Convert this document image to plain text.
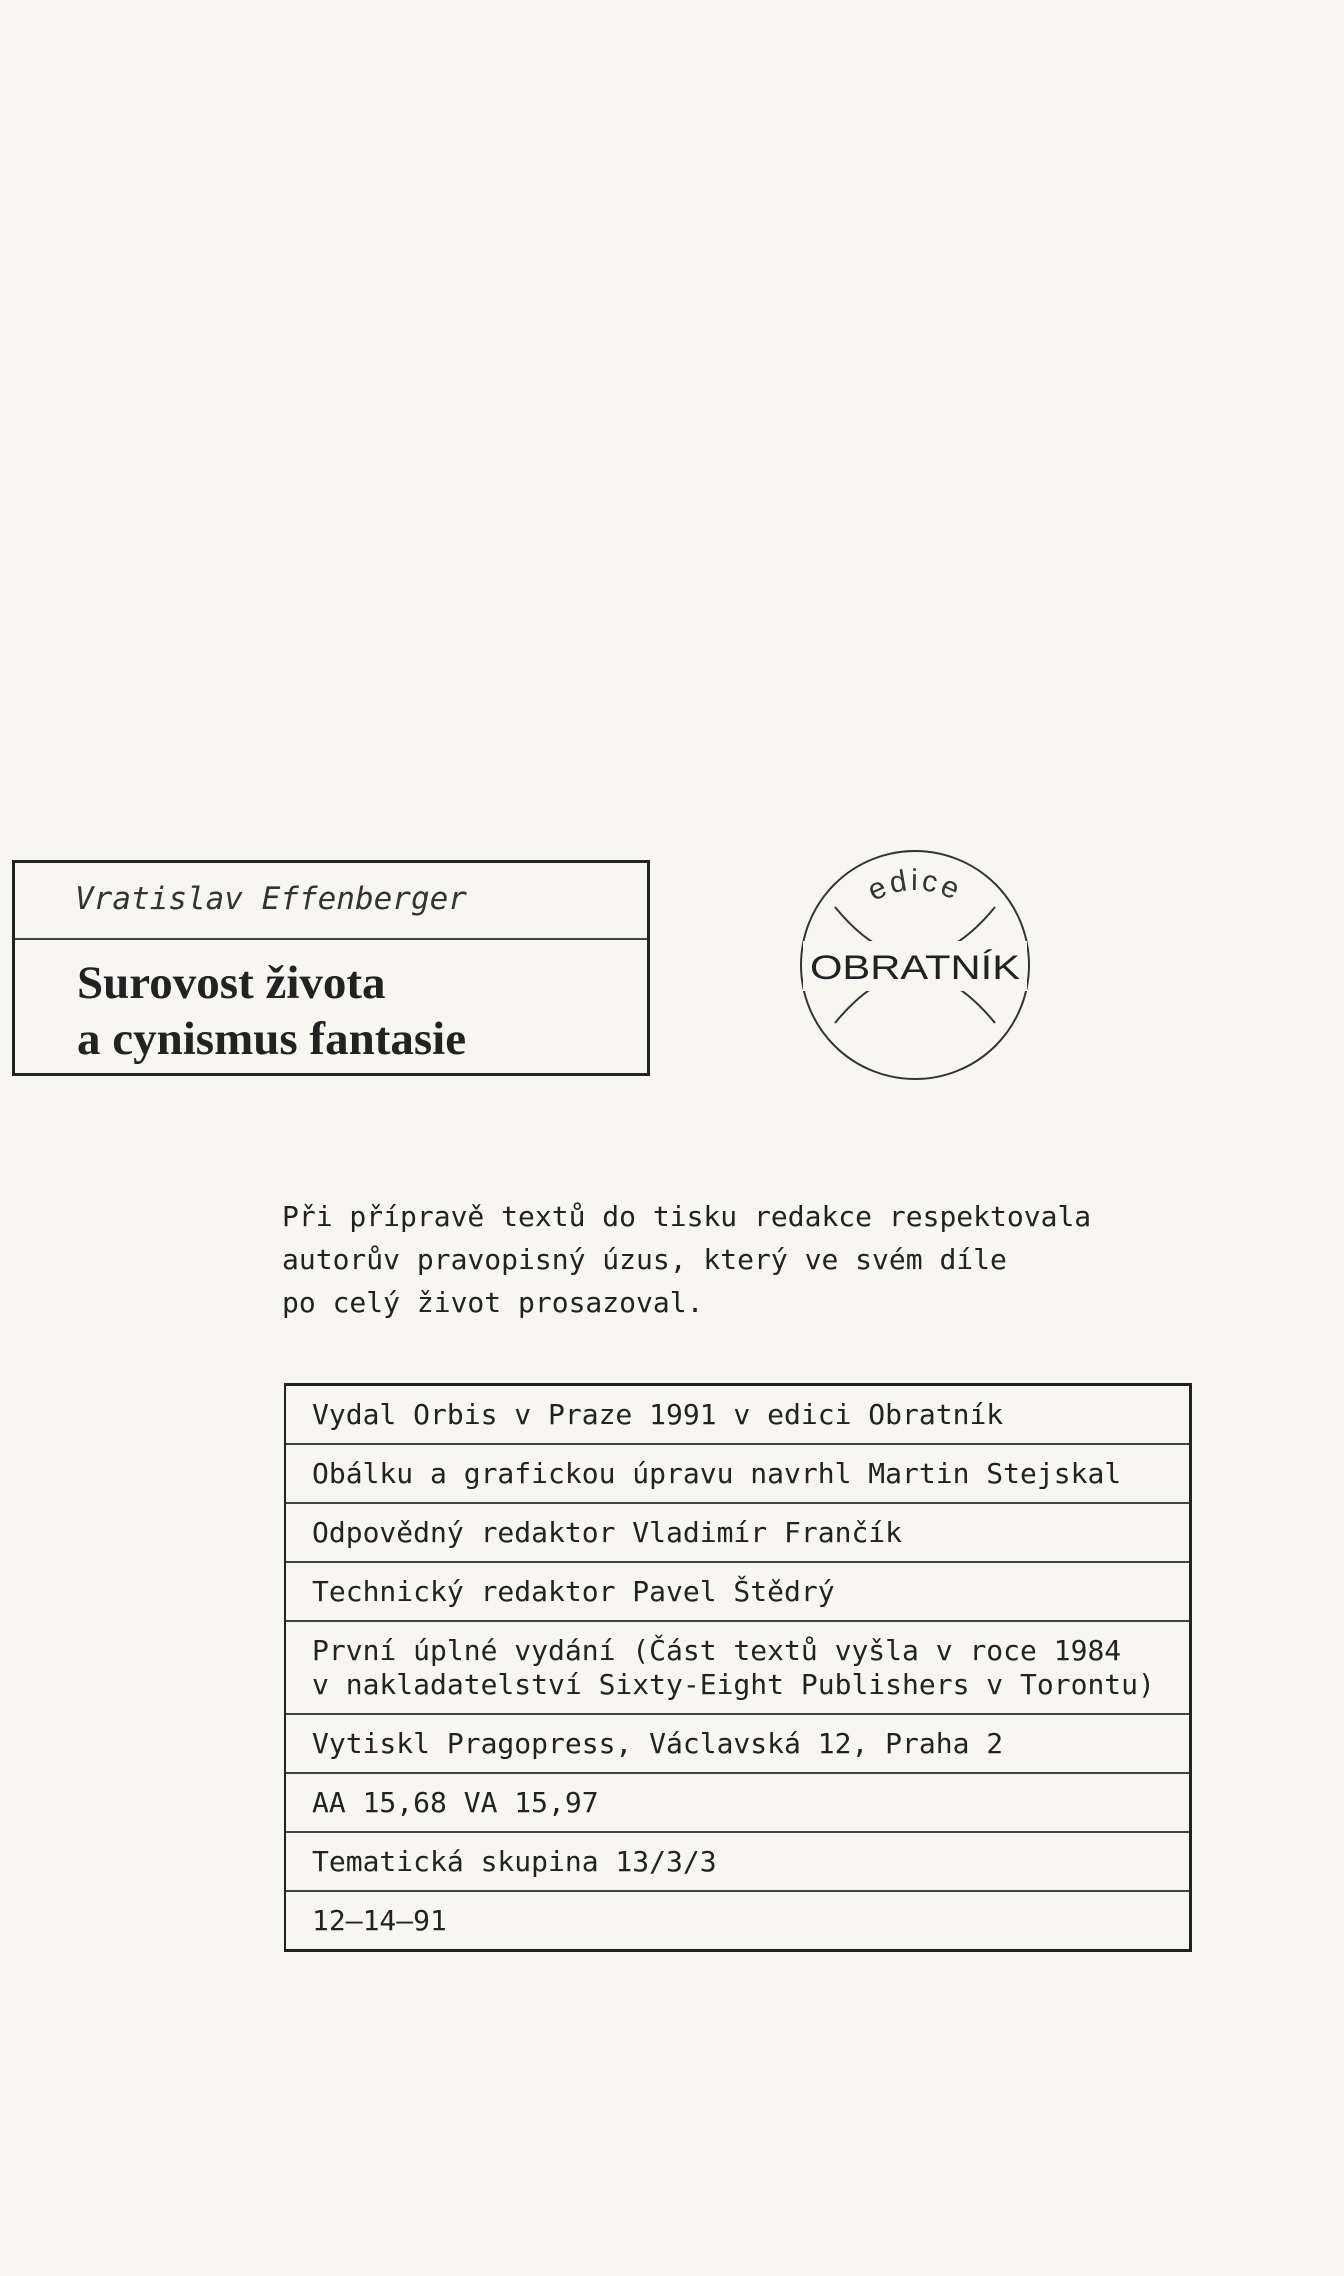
Vratislav Effenberger
Surovost života
a cynismus fantasie
edice
OBRATNÍK
Při přípravě textů do tisku redakce respektovala
autorův pravopisný úzus, který ve svém díle
po celý život prosazoval.
Vydal Orbis v Praze 1991 v edici Obratník
Obálku a grafickou úpravu navrhl Martin Stejskal
Odpovědný redaktor Vladimír Frančík
Technický redaktor Pavel Štědrý
První úplné vydání (Část textů vyšla v roce 1984
v nakladatelství Sixty-Eight Publishers v Torontu)
Vytiskl Pragopress, Václavská 12, Praha 2
AA 15,68 VA 15,97
Tematická skupina 13/3/3
12—14—91
